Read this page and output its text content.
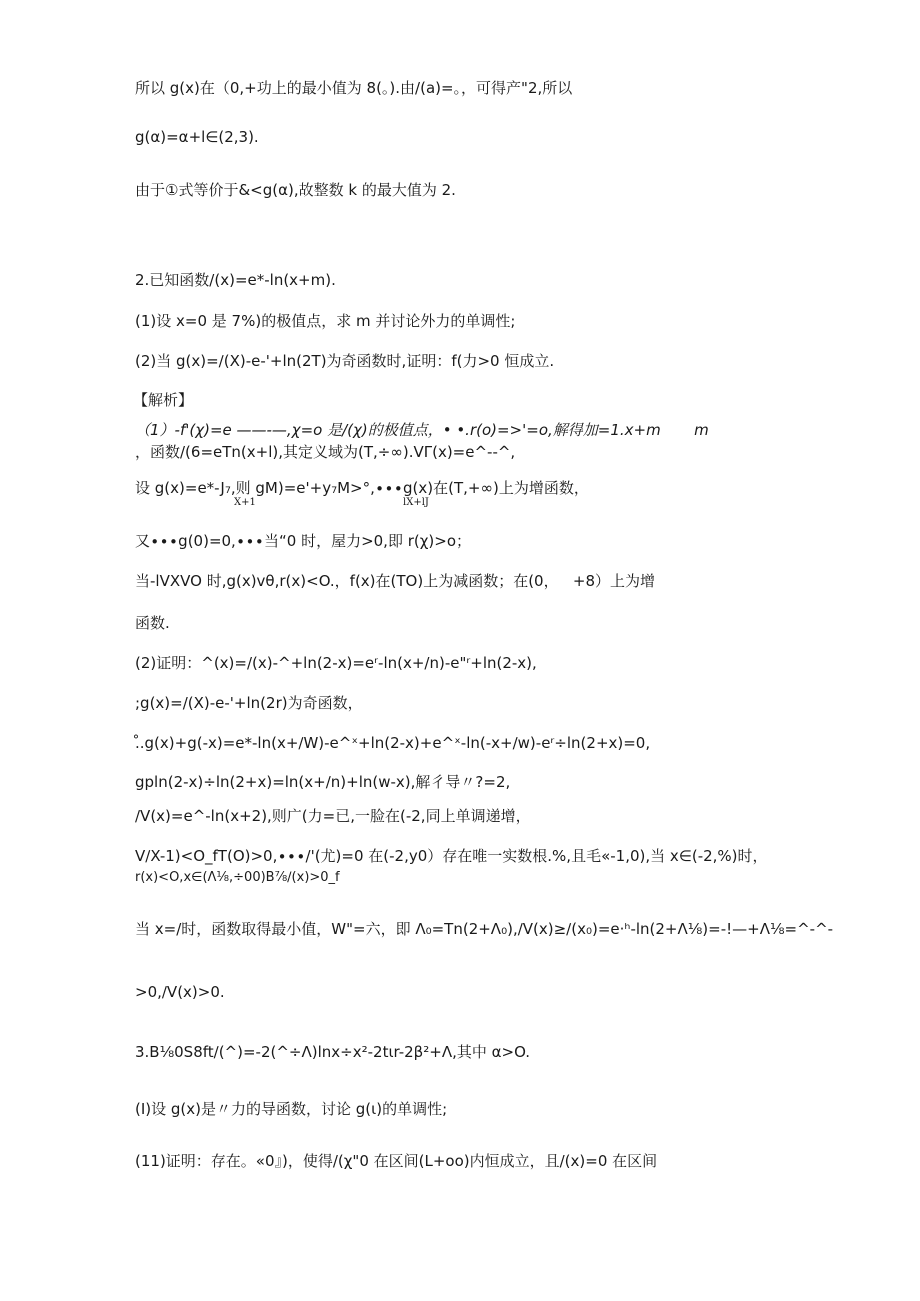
所以 g(x)在（0,+功上的最小值为 8(。).由/(a)=。，可得产"2,所以
g(α)=α+l∈(2,3).
由于①式等价于&<g(α),故整数 k 的最大值为 2.
2.已知函数/(x)=e*-ln(x+m).
(1)设 x=0 是 7%)的极值点，求 m 并讨论外力的单调性;
(2)当 g(x)=∕(X)-e-'+ln(2T)为奇函数时,证明：f(力>0 恒成立.
【解析】
（1）-f'(χ)=e ——-—,χ=o 是/(χ)的极值点，• •.r(o)=>'=o,解得加=1.x+m       m
，函数/(6=eTn(x+l),其定义域为(T,÷∞).VΓ(x)=e^--^,
设 g(x)=e*-J₇,则 gM)=e'+y₇M>°,∙∙∙g(x)在(T,+∞)上为增函数，
X+1	lX+lJ
又∙∙∙g(0)=0,∙∙∙当“0 时，屋力>0,即 r(χ)>o；
当-lVXVO 时,g(x)vθ,r(x)<O.，f(x)在(TO)上为减函数；在(0，   +8）上为增
函数.
(2)证明：^(x)=/(x)-^+ln(2-x)=eʳ-ln(x+/n)-e"ʳ+ln(2-x),
;g(x)=/(X)-e-'+ln(2r)为奇函数，
.̊.g(x)+g(-x)=e*-ln(x+∕W)-e^ˣ+ln(2-x)+e^ˣ-ln(-x+∕w)-eʳ÷ln(2+x)=0,
gpln(2-x)÷ln(2+x)=ln(x+∕n)+ln(w-x),解彳导〃?=2,
∕V(x)=e^-ln(x+2),则广(力=已,一脸在(-2,同上单调递增，
V∕X-1)<O_fT(O)>0,∙∙∙/'(尤)=0 在(-2,y0）存在唯一实数根.%,且毛«-1,0),当 x∈(-2,%)时，
r(x)<O,x∈(Λ⅛,÷00)B⅞∕(x)>0_f
当 x=/时，函数取得最小值，W"=六，即 Λ₀=Tn(2+Λ₀),∕V(x)≥∕(x₀)=e·ʰ-ln(2+Λ⅛)=-!—+Λ⅛=^-^-
>0,∕V(x)>0.
3.B⅛0S8ft∕(^)=-2(^÷Λ)lnx÷x²-2tιr-2β²+Λ,其中 α>O.
(I)设 g(x)是〃力的导函数，讨论 g(ι)的单调性;
(11)证明：存在。«0』)，使得/(χ"0 在区间(L+oo)内恒成立，且/(x)=0 在区间
